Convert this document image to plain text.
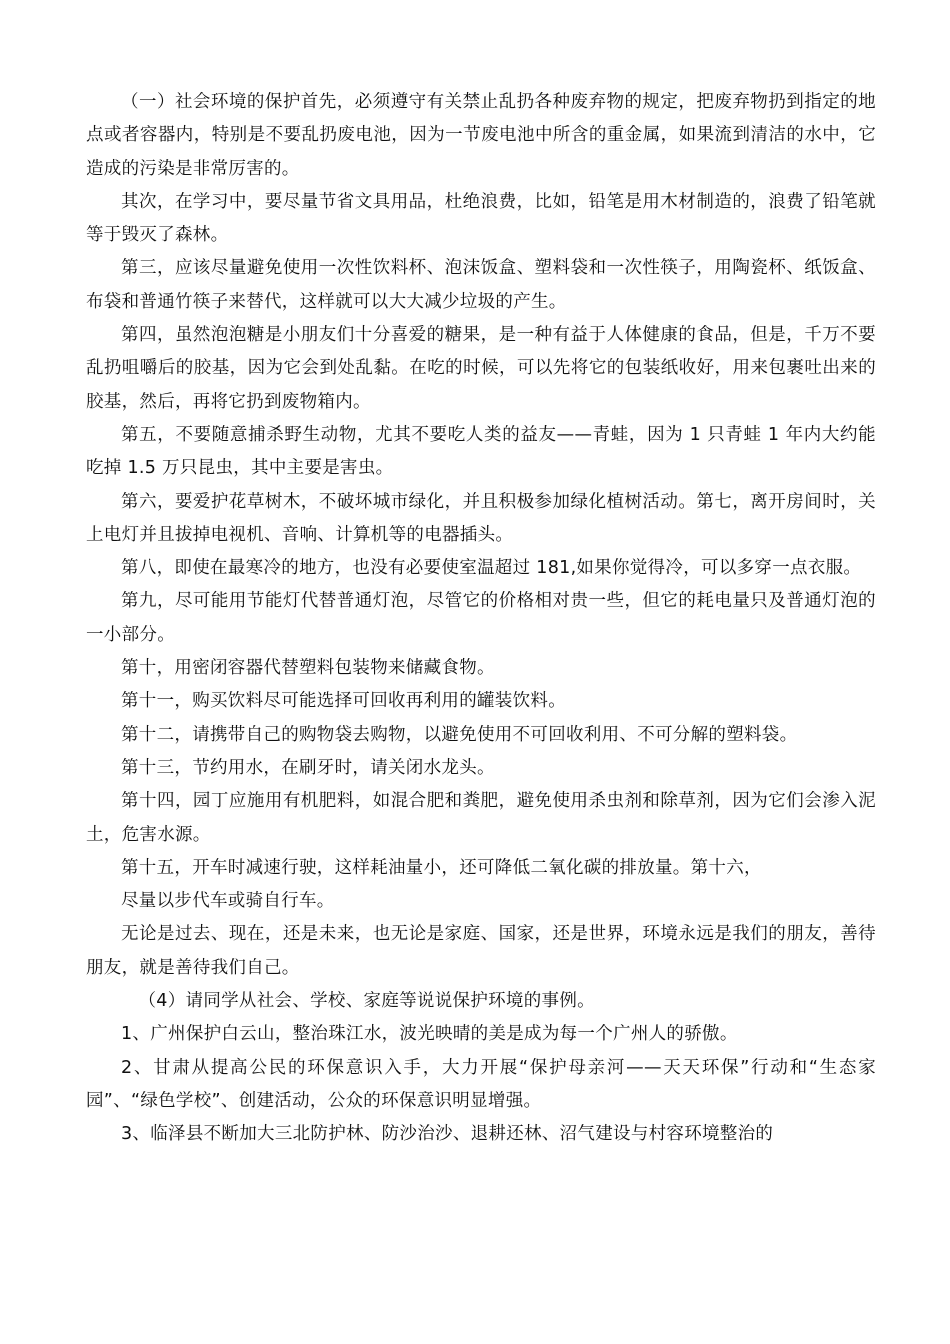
（一）社会环境的保护首先，必须遵守有关禁止乱扔各种废弃物的规定，把废弃物扔到指定的地点或者容器内，特别是不要乱扔废电池，因为一节废电池中所含的重金属，如果流到清洁的水中，它造成的污染是非常厉害的。

其次，在学习中，要尽量节省文具用品，杜绝浪费，比如，铅笔是用木材制造的，浪费了铅笔就等于毁灭了森林。

第三，应该尽量避免使用一次性饮料杯、泡沫饭盒、塑料袋和一次性筷子，用陶瓷杯、纸饭盒、布袋和普通竹筷子来替代，这样就可以大大减少垃圾的产生。

第四，虽然泡泡糖是小朋友们十分喜爱的糖果，是一种有益于人体健康的食品，但是，千万不要乱扔咀嚼后的胶基，因为它会到处乱黏。在吃的时候，可以先将它的包装纸收好，用来包裹吐出来的胶基，然后，再将它扔到废物箱内。

第五，不要随意捕杀野生动物，尤其不要吃人类的益友——青蛙，因为 1 只青蛙 1 年内大约能吃掉 1.5 万只昆虫，其中主要是害虫。

第六，要爱护花草树木，不破坏城市绿化，并且积极参加绿化植树活动。第七，离开房间时，关上电灯并且拔掉电视机、音响、计算机等的电器插头。

第八，即使在最寒冷的地方，也没有必要使室温超过 181,如果你觉得冷，可以多穿一点衣服。

第九，尽可能用节能灯代替普通灯泡，尽管它的价格相对贵一些，但它的耗电量只及普通灯泡的一小部分。

第十，用密闭容器代替塑料包装物来储藏食物。

第十一，购买饮料尽可能选择可回收再利用的罐装饮料。

第十二，请携带自己的购物袋去购物，以避免使用不可回收利用、不可分解的塑料袋。

第十三，节约用水，在刷牙时，请关闭水龙头。

第十四，园丁应施用有机肥料，如混合肥和粪肥，避免使用杀虫剂和除草剂，因为它们会渗入泥土，危害水源。

第十五，开车时减速行驶，这样耗油量小，还可降低二氧化碳的排放量。第十六，

尽量以步代车或骑自行车。

无论是过去、现在，还是未来，也无论是家庭、国家，还是世界，环境永远是我们的朋友，善待朋友，就是善待我们自己。

（4）请同学从社会、学校、家庭等说说保护环境的事例。

1、广州保护白云山，整治珠江水，波光映晴的美是成为每一个广州人的骄傲。

2、甘肃从提高公民的环保意识入手，大力开展“保护母亲河——天天环保”行动和“生态家园”、“绿色学校”、创建活动，公众的环保意识明显增强。

3、临泽县不断加大三北防护林、防沙治沙、退耕还林、沼气建设与村容环境整治的
